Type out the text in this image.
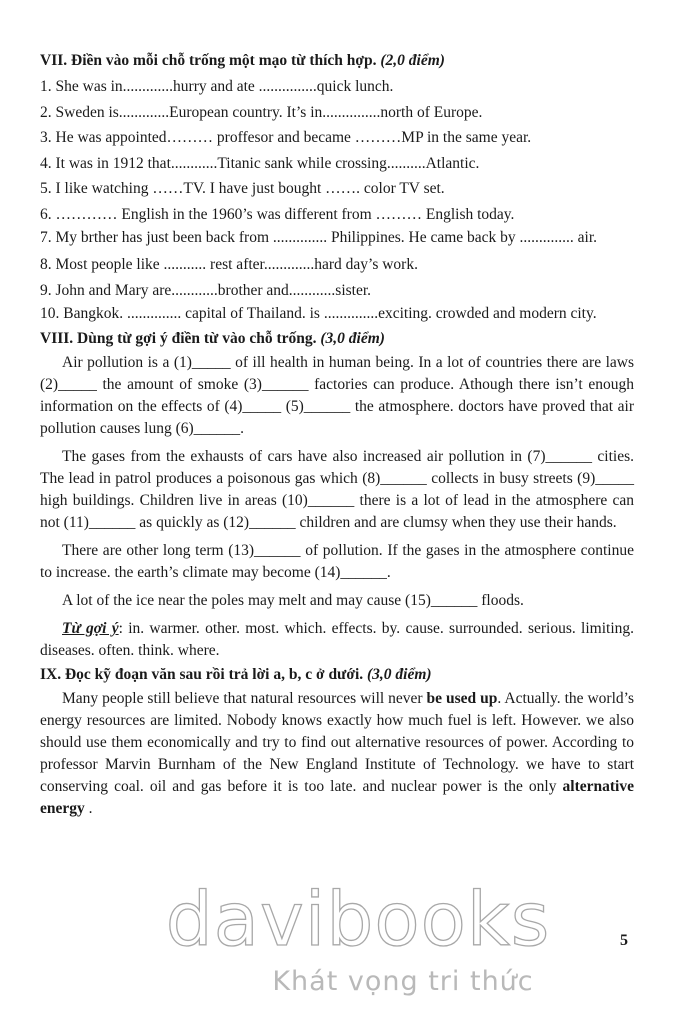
VII. Điền vào mỗi chỗ trống một mạo từ thích hợp. (2,0 điểm)
1. She was in.............hurry and ate ...............quick lunch.
2. Sweden is.............European country. It’s in...............north of Europe.
3. He was appointed……… proffesor and became ………MP in the same year.
4. It was in 1912 that............Titanic sank while crossing..........Atlantic.
5. I like watching ……TV. I have just bought ……. color TV set.
6. ………… English in the 1960’s was different from ……… English today.
7. My brther has just been back from .............. Philippines. He came back by .............. air.
8. Most people like ........... rest after.............hard day’s work.
9. John and Mary are............brother and............sister.
10. Bangkok. .............. capital of Thailand. is ..............exciting. crowded and modern city.
VIII. Dùng từ gợi ý điền từ vào chỗ trống. (3,0 điểm)

Air pollution is a (1)_____ of ill health in human being. In a lot of countries there are laws (2)_____ the amount of smoke (3)______ factories can produce. Athough there isn’t enough information on the effects of (4)_____ (5)______ the atmosphere. doctors have proved that air pollution causes lung (6)______.

The gases from the exhausts of cars have also increased air pollution in (7)______ cities. The lead in patrol produces a poisonous gas which (8)______ collects in busy streets (9)_____ high buildings. Children live in areas (10)______ there is a lot of lead in the atmosphere can not (11)______ as quickly as (12)______ children and are clumsy when they use their hands.

There are other long term (13)______ of pollution. If the gases in the atmosphere continue to increase. the earth’s climate may become (14)______.

A lot of the ice near the poles may melt and may cause (15)______ floods.

Từ gợi ý: in. warmer. other. most. which. effects. by. cause. surrounded. serious. limiting. diseases. often. think. where.

IX. Đọc kỹ đoạn văn sau rồi trả lời a, b, c ở dưới. (3,0 điểm)

Many people still believe that natural resources will never be used up. Actually. the world’s energy resources are limited. Nobody knows exactly how much fuel is left. However. we also should use them economically and try to find out alternative resources of power. According to professor Marvin Burnham of the New England Institute of Technology. we have to start conserving coal. oil and gas before it is too late. and nuclear power is the only alternative energy .

davibooks
Khát vọng tri thức
5
